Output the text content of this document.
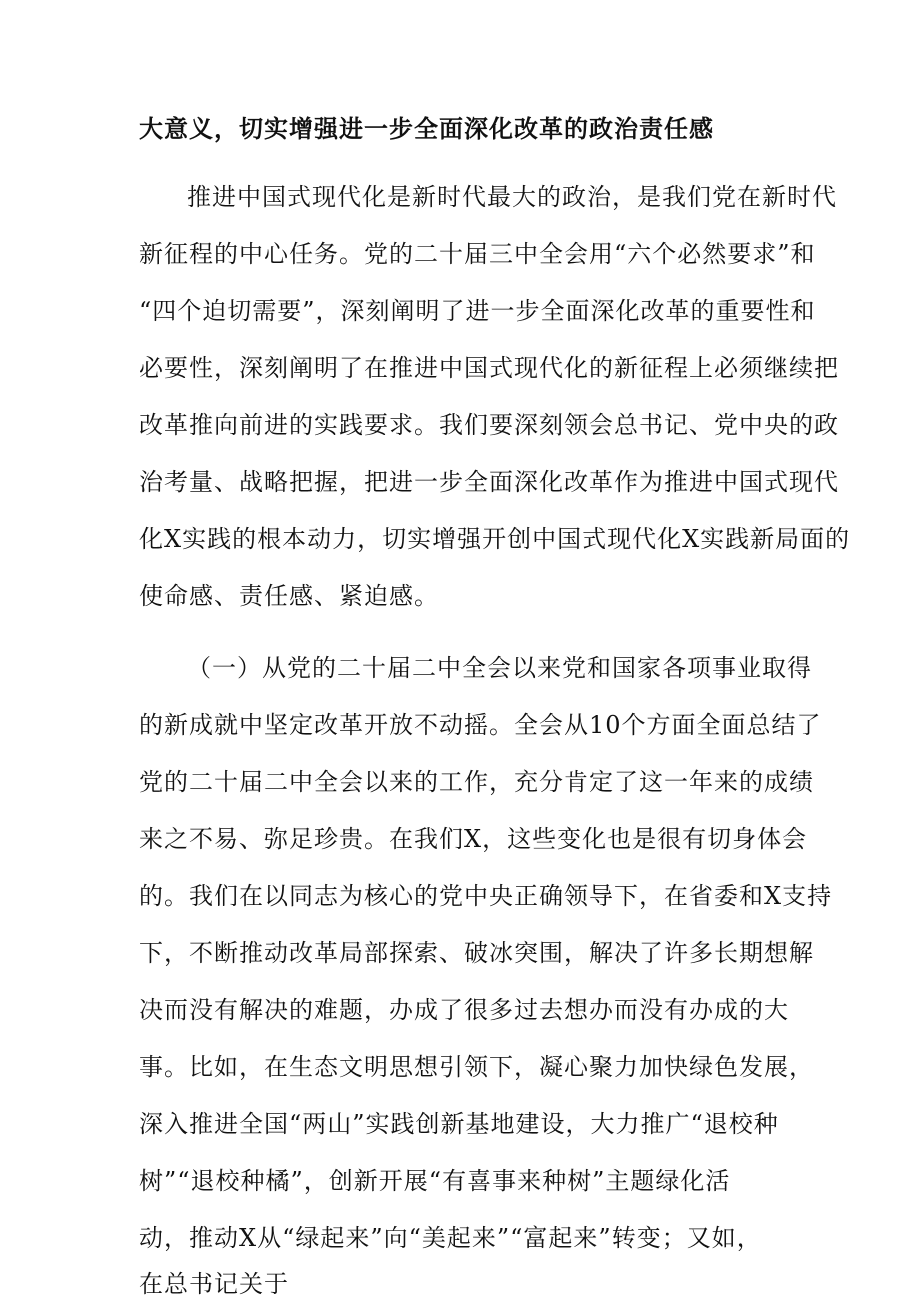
大意义，切实增强进一步全面深化改革的政治责任感
推进中国式现代化是新时代最大的政治，是我们党在新时代
新征程的中心任务。党的二十届三中全会用“六个必然要求”和
“四个迫切需要”，深刻阐明了进一步全面深化改革的重要性和
必要性，深刻阐明了在推进中国式现代化的新征程上必须继续把
改革推向前进的实践要求。我们要深刻领会总书记、党中央的政
治考量、战略把握，把进一步全面深化改革作为推进中国式现代
化X实践的根本动力，切实增强开创中国式现代化X实践新局面的
使命感、责任感、紧迫感。
（一）从党的二十届二中全会以来党和国家各项事业取得
的新成就中坚定改革开放不动摇。全会从10个方面全面总结了
党的二十届二中全会以来的工作，充分肯定了这一年来的成绩
来之不易、弥足珍贵。在我们X，这些变化也是很有切身体会
的。我们在以同志为核心的党中央正确领导下，在省委和X支持
下，不断推动改革局部探索、破冰突围，解决了许多长期想解
决而没有解决的难题，办成了很多过去想办而没有办成的大
事。比如，在生态文明思想引领下，凝心聚力加快绿色发展，
深入推进全国“两山”实践创新基地建设，大力推广“退校种
树”“退校种橘”，创新开展“有喜事来种树”主题绿化活
动，推动X从“绿起来”向“美起来”“富起来”转变；又如，
在总书记关于
